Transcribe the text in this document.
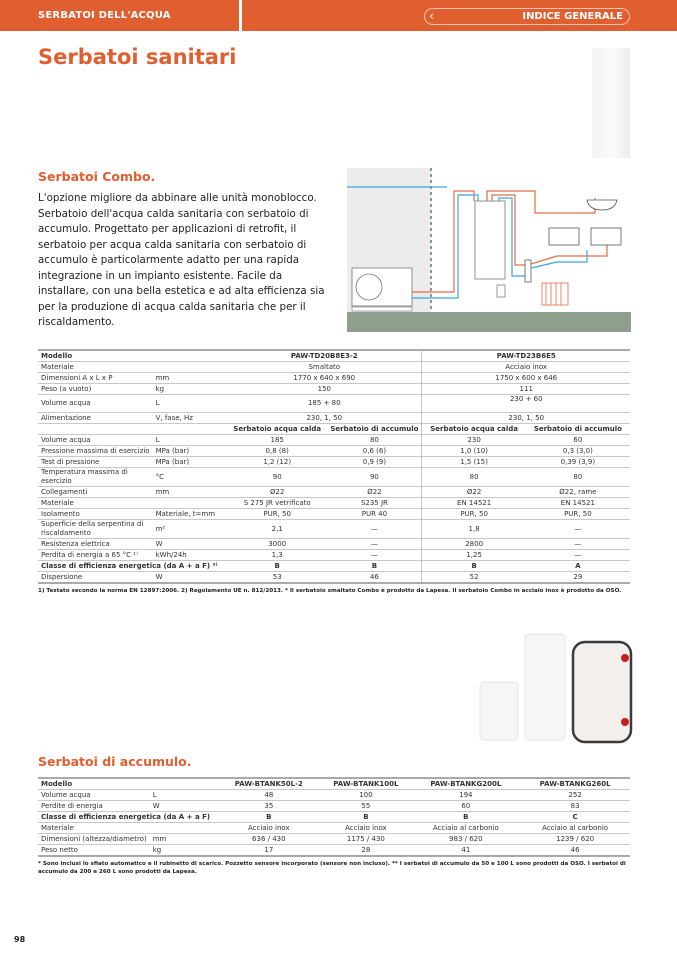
SERBATOI DELL'ACQUA	‹	INDICE GENERALE
Serbatoi sanitari
Serbatoi Combo.

L'opzione migliore da abbinare alle unità monoblocco. Serbatoio dell'acqua calda sanitaria con serbatoio di accumulo. Progettato per applicazioni di retrofit, il serbatoio per acqua calda sanitaria con serbatoio di accumulo è particolarmente adatto per una rapida integrazione in un impianto esistente. Facile da installare, con una bella estetica e ad alta efficienza sia per la produzione di acqua calda sanitaria che per il riscaldamento.

Modello		PAW-TD20B8E3-2		PAW-TD23B6E5	
Materiale		Smaltato		Acciaio inox	
Dimensioni A x L x P	mm	1770 x 640 x 690		1750 x 600 x 646	
Peso (a vuoto)	kg	150		111	
Volume acqua	L	185 + 80		230 + 60	
Alimentazione	V, fase, Hz	230, 1, 50		230, 1, 50	
		Serbatoio acqua calda	Serbatoio di accumulo	Serbatoio acqua calda	Serbatoio di accumulo
Volume acqua	L	185	80	230	60
Pressione massima di esercizio	MPa (bar)	0,8 (8)	0,6 (6)	1,0 (10)	0,3 (3,0)
Test di pressione	MPa (bar)	1,2 (12)	0,9 (9)	1,5 (15)	0,39 (3,9)
Temperatura massima di esercizio	°C	90	90	80	80
Collegamenti	mm	Ø22	Ø22	Ø22	Ø22, rame
Materiale		S 275 JR vetrificato	S235 JR	EN 14521	EN 14521
Isolamento	Materiale, t=mm	PUR, 50	PUR 40	PUR, 50	PUR, 50
Superficie della serpentina di riscaldamento	m²	2,1	—	1,8	—
Resistenza elettrica	W	3000	—	2800	—
Perdita di energia a 65 °C ¹⁾	kWh/24h	1,3	—	1,25	—
Classe di efficienza energetica (da A + a F) ²⁾		B	B	B	A
Dispersione	W	53	46	52	29
1) Testato secondo la norma EN 12897:2006. 2) Regolamento UE n. 812/2013. * Il serbatoio smaltato Combo è prodotto da Lapesa. Il serbatoio Combo in acciaio inox è prodotto da OSO.
Serbatoi di accumulo.
Modello		PAW-BTANK50L-2	PAW-BTANK100L	PAW-BTANKG200L	PAW-BTANKG260L
Volume acqua	L	48	100	194	252
Perdite di energia	W	35	55	60	83
Classe di efficienza energetica (da A + a F)		B	B	B	C
Materiale		Acciaio inox	Acciaio inox	Acciaio al carbonio	Acciaio al carbonio
Dimensioni (altezza/diametro)	mm	636 / 430	1175 / 430	983 / 620	1239 / 620
Peso netto	kg	17	28	41	46
* Sono inclusi lo sfiato automatico e il rubinetto di scarico. Pozzetto sensore incorporato (sensore non incluso). ** I serbatoi di accumulo da 50 e 100 L sono prodotti da OSO. I serbatoi di accumulo da 200 e 260 L sono prodotti da Lapesa.
98
